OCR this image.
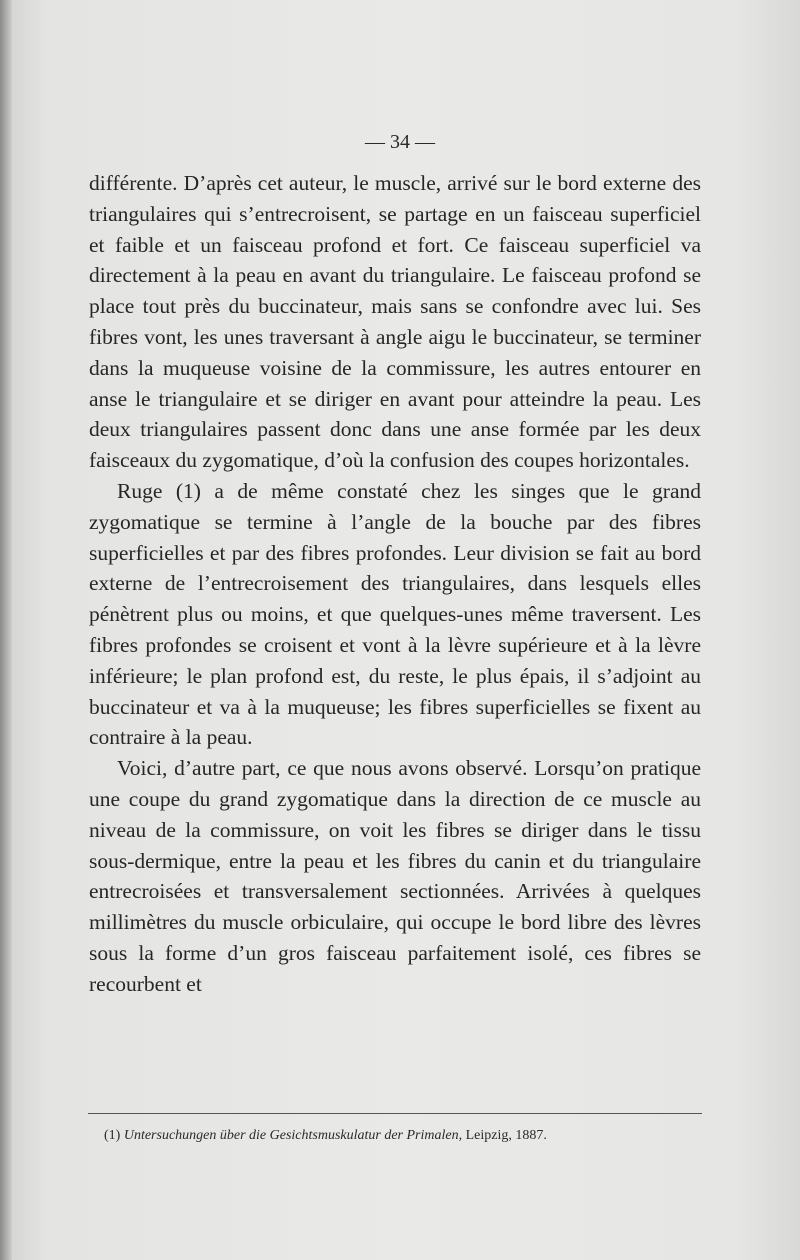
— 34 —

différente. D’après cet auteur, le muscle, arrivé sur le bord externe des triangulaires qui s’entrecroisent, se partage en un faisceau superficiel et faible et un faisceau profond et fort. Ce faisceau superficiel va directement à la peau en avant du triangulaire. Le faisceau profond se place tout près du buccinateur, mais sans se confondre avec lui. Ses fibres vont, les unes traversant à angle aigu le buccinateur, se terminer dans la muqueuse voisine de la commissure, les autres entourer en anse le triangulaire et se diriger en avant pour atteindre la peau. Les deux triangulaires passent donc dans une anse formée par les deux faisceaux du zygomatique, d’où la confusion des coupes horizontales.

Ruge (1) a de même constaté chez les singes que le grand zygomatique se termine à l’angle de la bouche par des fibres superficielles et par des fibres profondes. Leur division se fait au bord externe de l’entrecroisement des triangulaires, dans lesquels elles pénètrent plus ou moins, et que quelques-unes même traversent. Les fibres profondes se croisent et vont à la lèvre supérieure et à la lèvre inférieure; le plan profond est, du reste, le plus épais, il s’adjoint au buccinateur et va à la muqueuse; les fibres superficielles se fixent au contraire à la peau.

Voici, d’autre part, ce que nous avons observé. Lorsqu’on pratique une coupe du grand zygomatique dans la direction de ce muscle au niveau de la commissure, on voit les fibres se diriger dans le tissu sous-dermique, entre la peau et les fibres du canin et du triangulaire entrecroisées et transversalement sectionnées. Arrivées à quelques millimètres du muscle orbiculaire, qui occupe le bord libre des lèvres sous la forme d’un gros faisceau parfaitement isolé, ces fibres se recourbent et

(1) Untersuchungen über die Gesichtsmuskulatur der Primalen, Leipzig, 1887.
